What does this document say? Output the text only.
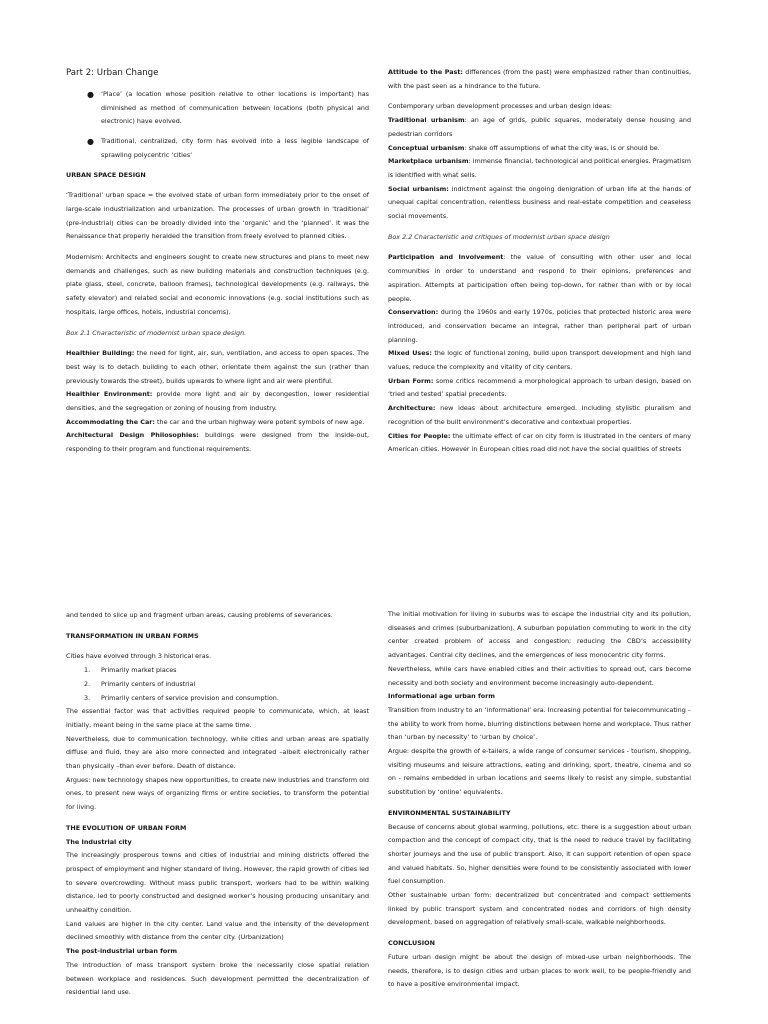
Part 2: Urban Change

● ‘Place’ (a location whose position relative to other locations is important) has diminished as method of communication between locations (both physical and electronic) have evolved.
● Traditional, centralized, city form has evolved into a less legible landscape of sprawling polycentric ‘cities’

URBAN SPACE DESIGN

‘Traditional’ urban space = the evolved state of urban form immediately prior to the onset of large-scale industrialization and urbanization. The processes of urban growth in ‘traditional’ (pre-industrial) cities can be broadly divided into the ‘organic’ and the ‘planned’. It was the Renaissance that properly heralded the transition from freely evolved to planned cities.

Modernism: Architects and engineers sought to create new structures and plans to meet new demands and challenges, such as new building materials and construction techniques (e.g. plate glass, steel, concrete, balloon frames), technological developments (e.g. railways, the safety elevator) and related social and economic innovations (e.g. social institutions such as hospitals, large offices, hotels, industrial concerns).

Box 2.1 Characteristic of modernist urban space design.

Healthier Building: the need for light, air, sun, ventilation, and access to open spaces. The best way is to detach building to each other, orientate them against the sun (rather than previously towards the street), builds upwards to where light and air were plentiful.

Healthier Environment: provide more light and air by decongestion, lower residential densities, and the segregation or zoning of housing from industry.

Accommodating the Car: the car and the urban highway were potent symbols of new age.

Architectural Design Philosophies: buildings were designed from the inside-out, responding to their program and functional requirements.

Attitude to the Past: differences (from the past) were emphasized rather than continuities, with the past seen as a hindrance to the future.

Contemporary urban development processes and urban design ideas:

Traditional urbanism: an age of grids, public squares, moderately dense housing and pedestrian corridors

Conceptual urbanism: shake off assumptions of what the city was, is or should be.

Marketplace urbanism: immense financial, technological and political energies. Pragmatism is identified with what sells.

Social urbanism: indictment against the ongoing denigration of urban life at the hands of unequal capital concentration, relentless business and real-estate competition and ceaseless social movements.

Box 2.2 Characteristic and critiques of modernist urban space design

Participation and Involvement: the value of consulting with other user and local communities in order to understand and respond to their opinions, preferences and aspiration. Attempts at participation often being top-down, for rather than with or by local people.

Conservation: during the 1960s and early 1970s, policies that protected historic area were introduced, and conservation became an integral, rather than peripheral part of urban planning.

Mixed Uses: the logic of functional zoning, build upon transport development and high land values, reduce the complexity and vitality of city centers.

Urban Form: some critics recommend a morphological approach to urban design, based on ‘tried and tested’ spatial precedents.

Architecture: new ideas about architecture emerged. Including stylistic pluralism and recognition of the built environment’s decorative and contextual properties.

Cities for People: the ultimate effect of car on city form is illustrated in the centers of many American cities. However in European cities road did not have the social qualities of streets

and tended to slice up and fragment urban areas, causing problems of severances.

TRANSFORMATION IN URBAN FORMS

Cities have evolved through 3 historical eras.

1. Primarily market places
2. Primarily centers of industrial
3. Primarily centers of service provision and consumption.

The essential factor was that activities required people to communicate, which, at least initially, meant being in the same place at the same time.

Nevertheless, due to communication technology, while cities and urban areas are spatially diffuse and fluid, they are also more connected and integrated –albeit electronically rather than physically –than ever before. Death of distance.

Argues: new technology shapes new opportunities, to create new industries and transform old ones, to present new ways of organizing firms or entire societies, to transform the potential for living.

THE EVOLUTION OF URBAN FORM

The Industrial city

The increasingly prosperous towns and cities of industrial and mining districts offered the prospect of employment and higher standard of living. However, the rapid growth of cities led to severe overcrowding. Without mass public transport, workers had to be within walking distance, led to poorly constructed and designed worker’s housing producing unsanitary and unhealthy condition.

Land values are higher in the city center. Land value and the intensity of the development declined smoothly with distance from the center city. (Urbanization)

The post-industrial urban form

The introduction of mass transport system broke the necessarily close spatial relation between workplace and residences. Such development permitted the decentralization of residential land use.

The initial motivation for living in suburbs was to escape the industrial city and its pollution, diseases and crimes (suburbanization). A suburban population commuting to work in the city center created problem of access and congestion; reducing the CBD’s accessibility advantages. Central city declines, and the emergences of less monocentric city forms.

Nevertheless, while cars have enabled cities and their activities to spread out, cars become necessity and both society and environment become increasingly auto-dependent.

Informational age urban form

Transition from industry to an ‘informational’ era. Increasing potential for telecommunicating – the ability to work from home, blurring distinctions between home and workplace. Thus rather than ‘urban by necessity’ to ‘urban by choice’.

Argue: despite the growth of e-tailers, a wide range of consumer services - tourism, shopping, visiting museums and leisure attractions, eating and drinking, sport, theatre, cinema and so on - remains embedded in urban locations and seems likely to resist any simple, substantial substitution by ‘online’ equivalents.

ENVIRONMENTAL SUSTAINABILITY

Because of concerns about global warming, pollutions, etc. there is a suggestion about urban compaction and the concept of compact city, that is the need to reduce travel by facilitating shorter journeys and the use of public transport. Also, it can support retention of open space and valued habitats. So, higher densities were found to be consistently associated with lower fuel consumption.

Other sustainable urban form: decentralized but concentrated and compact settlements linked by public transport system and concentrated nodes and corridors of high density development, based on aggregation of relatively small-scale, walkable neighborhoods.

CONCLUSION

Future urban design might be about the design of mixed-use urban neighborhoods. The needs, therefore, is to design cities and urban places to work well, to be people-friendly and to have a positive environmental impact.
